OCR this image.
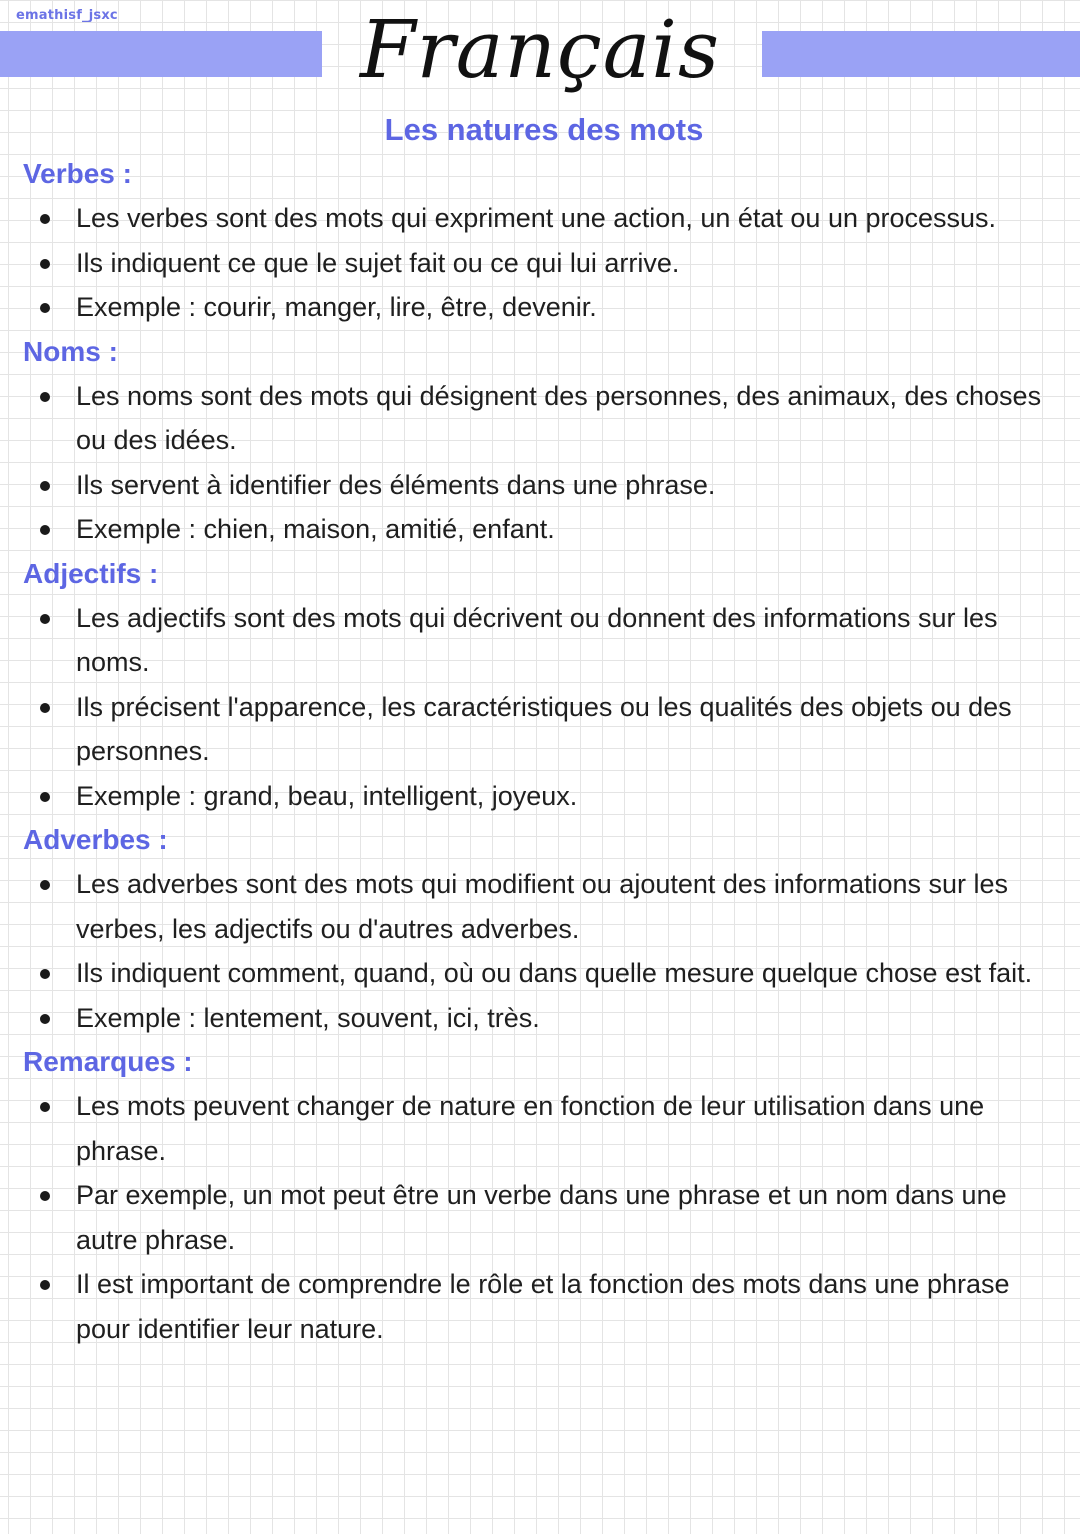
emathisf_jsxc	Français
Les natures des mots
Verbes :
Les verbes sont des mots qui expriment une action, un état ou un processus.
Ils indiquent ce que le sujet fait ou ce qui lui arrive.
Exemple : courir, manger, lire, être, devenir.
Noms :
Les noms sont des mots qui désignent des personnes, des animaux, des choses ou des idées.
Ils servent à identifier des éléments dans une phrase.
Exemple : chien, maison, amitié, enfant.
Adjectifs :
Les adjectifs sont des mots qui décrivent ou donnent des informations sur les noms.
Ils précisent l'apparence, les caractéristiques ou les qualités des objets ou des personnes.
Exemple : grand, beau, intelligent, joyeux.
Adverbes :
Les adverbes sont des mots qui modifient ou ajoutent des informations sur les verbes, les adjectifs ou d'autres adverbes.
Ils indiquent comment, quand, où ou dans quelle mesure quelque chose est fait.
Exemple : lentement, souvent, ici, très.
Remarques :
Les mots peuvent changer de nature en fonction de leur utilisation dans une phrase.
Par exemple, un mot peut être un verbe dans une phrase et un nom dans une autre phrase.
Il est important de comprendre le rôle et la fonction des mots dans une phrase pour identifier leur nature.
